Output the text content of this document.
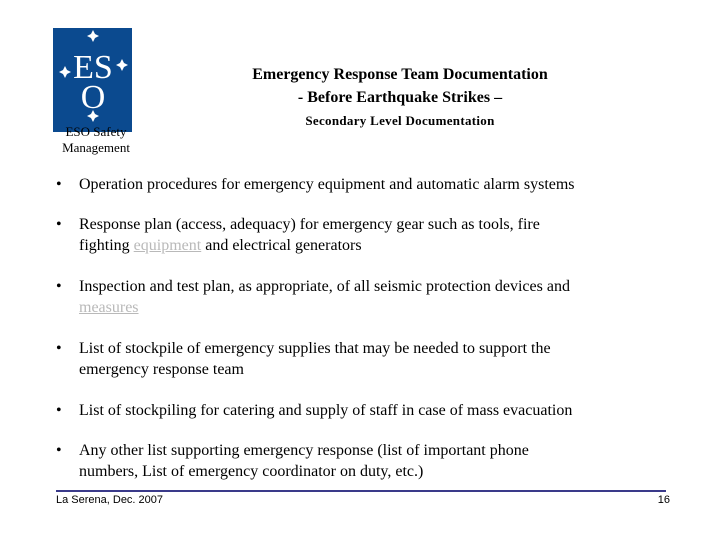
ES
O
ESO Safety
Management
Emergency Response Team Documentation
- Before Earthquake Strikes –
Secondary Level Documentation
•	Operation procedures for emergency equipment and automatic alarm systems
•	Response plan (access, adequacy) for emergency gear such as tools, fire
fighting equipment and electrical generators
•	Inspection and test plan, as appropriate, of all seismic protection devices and
measures
•	List of stockpile of emergency supplies that may be needed to support the
emergency response team
•	List of stockpiling for catering and supply of staff in case of mass evacuation
•	Any other list supporting emergency response (list of important phone
numbers, List of emergency coordinator on duty, etc.)
La Serena, Dec. 2007	16
